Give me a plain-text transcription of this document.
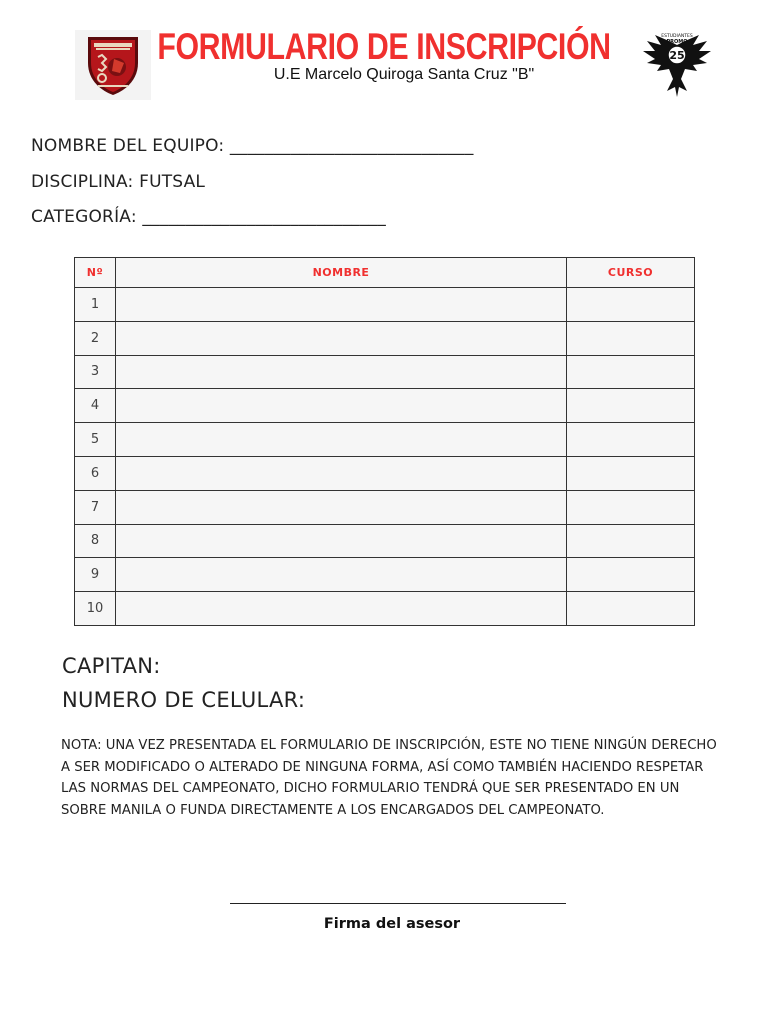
FORMULARIO DE INSCRIPCIÓN
U.E Marcelo Quiroga Santa Cruz "B"
ESTUDIANTES
PROMO
25
NOMBRE DEL EQUIPO: ____________________________
DISCIPLINA: FUTSAL
CATEGORÍA: ____________________________
Nº	NOMBRE	CURSO
1		
2		
3		
4		
5		
6		
7		
8		
9		
10		
CAPITAN:
NUMERO DE CELULAR:
NOTA: UNA VEZ PRESENTADA EL FORMULARIO DE INSCRIPCIÓN, ESTE NO TIENE NINGÚN DERECHO A SER MODIFICADO O ALTERADO DE NINGUNA FORMA, ASÍ COMO TAMBIÉN HACIENDO RESPETAR LAS NORMAS DEL CAMPEONATO, DICHO FORMULARIO TENDRÁ QUE SER PRESENTADO EN UN SOBRE MANILA O FUNDA DIRECTAMENTE A LOS ENCARGADOS DEL CAMPEONATO.
Firma del asesor
